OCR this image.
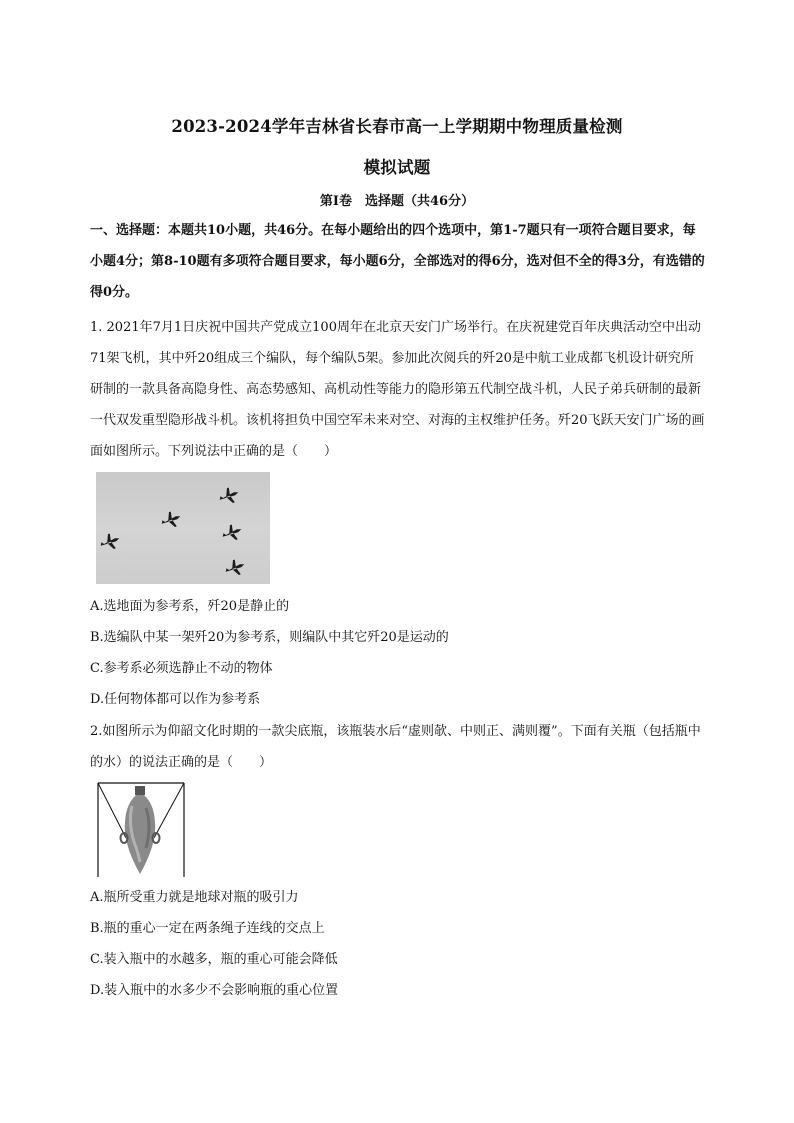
2023-2024学年吉林省长春市高一上学期期中物理质量检测
模拟试题
第Ⅰ卷　选择题（共46分）
一、选择题：本题共10小题，共46分。在每小题给出的四个选项中，第1-7题只有一项符合题目要求，每小题4分；第8-10题有多项符合题目要求，每小题6分，全部选对的得6分，选对但不全的得3分，有选错的得0分。
1. 2021年7月1日庆祝中国共产党成立100周年在北京天安门广场举行。在庆祝建党百年庆典活动空中出动71架飞机，其中歼20组成三个编队，每个编队5架。参加此次阅兵的歼20是中航工业成都飞机设计研究所研制的一款具备高隐身性、高态势感知、高机动性等能力的隐形第五代制空战斗机，人民子弟兵研制的最新一代双发重型隐形战斗机。该机将担负中国空军未来对空、对海的主权维护任务。歼20飞跃天安门广场的画面如图所示。下列说法中正确的是（　　）
A.选地面为参考系，歼20是静止的
B.选编队中某一架歼20为参考系，则编队中其它歼20是运动的
C.参考系必须选静止不动的物体
D.任何物体都可以作为参考系
2.如图所示为仰韶文化时期的一款尖底瓶，该瓶装水后“虚则欹、中则正、满则覆”。下面有关瓶（包括瓶中的水）的说法正确的是（　　）
A.瓶所受重力就是地球对瓶的吸引力
B.瓶的重心一定在两条绳子连线的交点上
C.装入瓶中的水越多，瓶的重心可能会降低
D.装入瓶中的水多少不会影响瓶的重心位置
